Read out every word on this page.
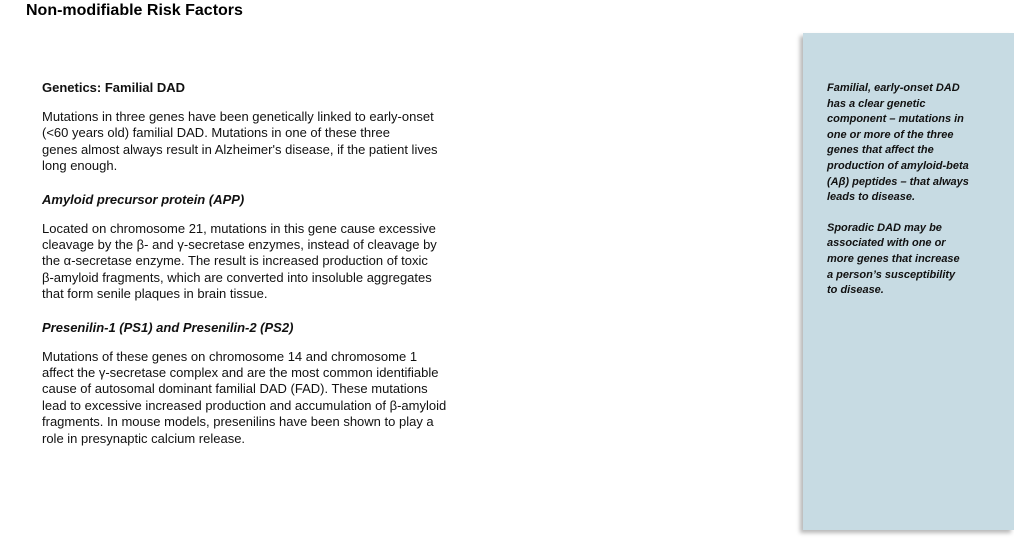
Non-modifiable Risk Factors
Genetics: Familial DAD
Mutations in three genes have been genetically linked to early-onset
(<60 years old) familial DAD. Mutations in one of these three
genes almost always result in Alzheimer's disease, if the patient lives
long enough.
Amyloid precursor protein (APP)
Located on chromosome 21, mutations in this gene cause excessive
cleavage by the β- and γ-secretase enzymes, instead of cleavage by
the α-secretase enzyme. The result is increased production of toxic
β-amyloid fragments, which are converted into insoluble aggregates
that form senile plaques in brain tissue.
Presenilin-1 (PS1) and Presenilin-2 (PS2)
Mutations of these genes on chromosome 14 and chromosome 1
affect the γ-secretase complex and are the most common identifiable
cause of autosomal dominant familial DAD (FAD). These mutations
lead to excessive increased production and accumulation of β-amyloid
fragments. In mouse models, presenilins have been shown to play a
role in presynaptic calcium release.
Familial, early-onset DAD
has a clear genetic
component – mutations in
one or more of the three
genes that affect the
production of amyloid-beta
(Aβ) peptides – that always
leads to disease.
Sporadic DAD may be
associated with one or
more genes that increase
a person’s susceptibility
to disease.
